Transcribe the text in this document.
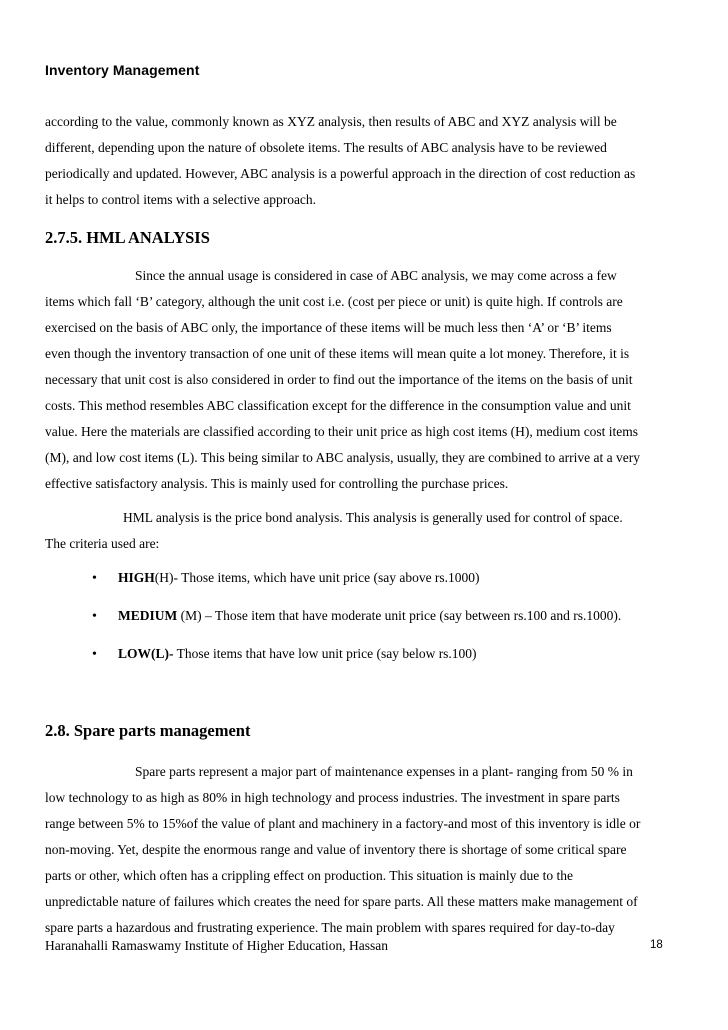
Inventory Management
according to the value, commonly known as XYZ analysis, then results of ABC and XYZ analysis will be
different, depending upon the nature of obsolete items. The results of ABC analysis have to be reviewed
periodically and updated. However, ABC analysis is a powerful approach in the direction of cost reduction as
it helps to control items with a selective approach.
2.7.5. HML ANALYSIS
Since the annual usage is considered in case of ABC analysis, we may come across a few
items which fall ‘B’ category, although the unit cost i.e. (cost per piece or unit) is quite high. If controls are
exercised on the basis of ABC only, the importance of these items will be much less then ‘A’ or ‘B’ items
even though the inventory transaction of one unit of these items will mean quite a lot money. Therefore, it is
necessary that unit cost is also considered in order to find out the importance of the items on the basis of unit
costs. This method resembles ABC classification except for the difference in the consumption value and unit
value. Here the materials are classified according to their unit price as high cost items (H), medium cost items
(M), and low cost items (L). This being similar to ABC analysis, usually, they are combined to arrive at a very
effective satisfactory analysis. This is mainly used for controlling the purchase prices.
HML analysis is the price bond analysis. This analysis is generally used for control of space.
The criteria used are:
• HIGH(H)- Those items, which have unit price (say above rs.1000)
• MEDIUM (M) – Those item that have moderate unit price (say between rs.100 and rs.1000).
• LOW(L)- Those items that have low unit price (say below rs.100)
2.8. Spare parts management
Spare parts represent a major part of maintenance expenses in a plant- ranging from 50 % in
low technology to as high as 80% in high technology and process industries. The investment in spare parts
range between 5% to 15%of the value of plant and machinery in a factory-and most of this inventory is idle or
non-moving. Yet, despite the enormous range and value of inventory there is shortage of some critical spare
parts or other, which often has a crippling effect on production. This situation is mainly due to the
unpredictable nature of failures which creates the need for spare parts. All these matters make management of
spare parts a hazardous and frustrating experience. The main problem with spares required for day-to-day
Haranahalli Ramaswamy Institute of Higher Education, Hassan	18
